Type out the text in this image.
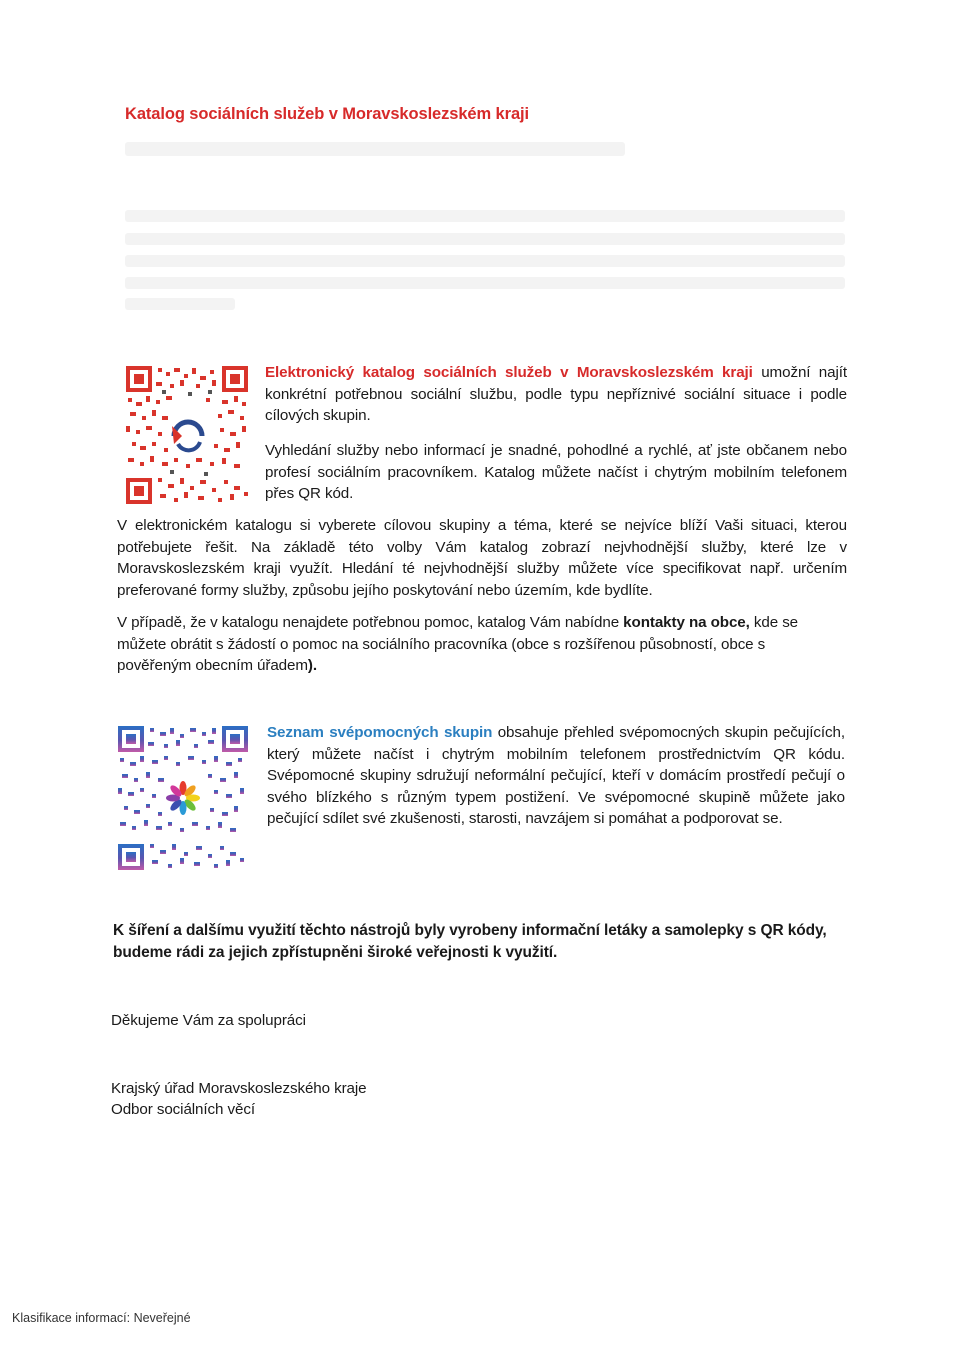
Katalog sociálních služeb v Moravskoslezském kraji
Elektronický katalog sociálních služeb v Moravskoslezském kraji umožní najít konkrétní potřebnou sociální službu, podle typu nepříznivé sociální situace i podle cílových skupin.
Vyhledání služby nebo informací je snadné, pohodlné a rychlé, ať jste občanem nebo profesí sociálním pracovníkem. Katalog můžete načíst i chytrým mobilním telefonem přes QR kód.
V elektronickém katalogu si vyberete cílovou skupiny a téma, které se nejvíce blíží Vaši situaci, kterou potřebujete řešit. Na základě této volby Vám katalog zobrazí nejvhodnější služby, které lze v Moravskoslezském kraji využít. Hledání té nejvhodnější služby můžete více specifikovat např. určením preferované formy služby, způsobu jejího poskytování nebo územím, kde bydlíte.
V případě, že v katalogu nenajdete potřebnou pomoc, katalog Vám nabídne kontakty na obce, kde se můžete obrátit s žádostí o pomoc na sociálního pracovníka (obce s rozšířenou působností, obce s pověřeným obecním úřadem).
Seznam svépomocných skupin obsahuje přehled svépomocných skupin pečujících, který můžete načíst i chytrým mobilním telefonem prostřednictvím QR kódu. Svépomocné skupiny sdružují neformální pečující, kteří v domácím prostředí pečují o svého blízkého s různým typem postižení. Ve svépomocné skupině můžete jako pečující sdílet své zkušenosti, starosti, navzájem si pomáhat a podporovat se.
K šíření a dalšímu využití těchto nástrojů byly vyrobeny informační letáky a samolepky s QR kódy, budeme rádi za jejich zpřístupněni široké veřejnosti k využití.
Děkujeme Vám za spolupráci
Krajský úřad Moravskoslezského kraje
Odbor sociálních věcí
Klasifikace informací: Neveřejné
